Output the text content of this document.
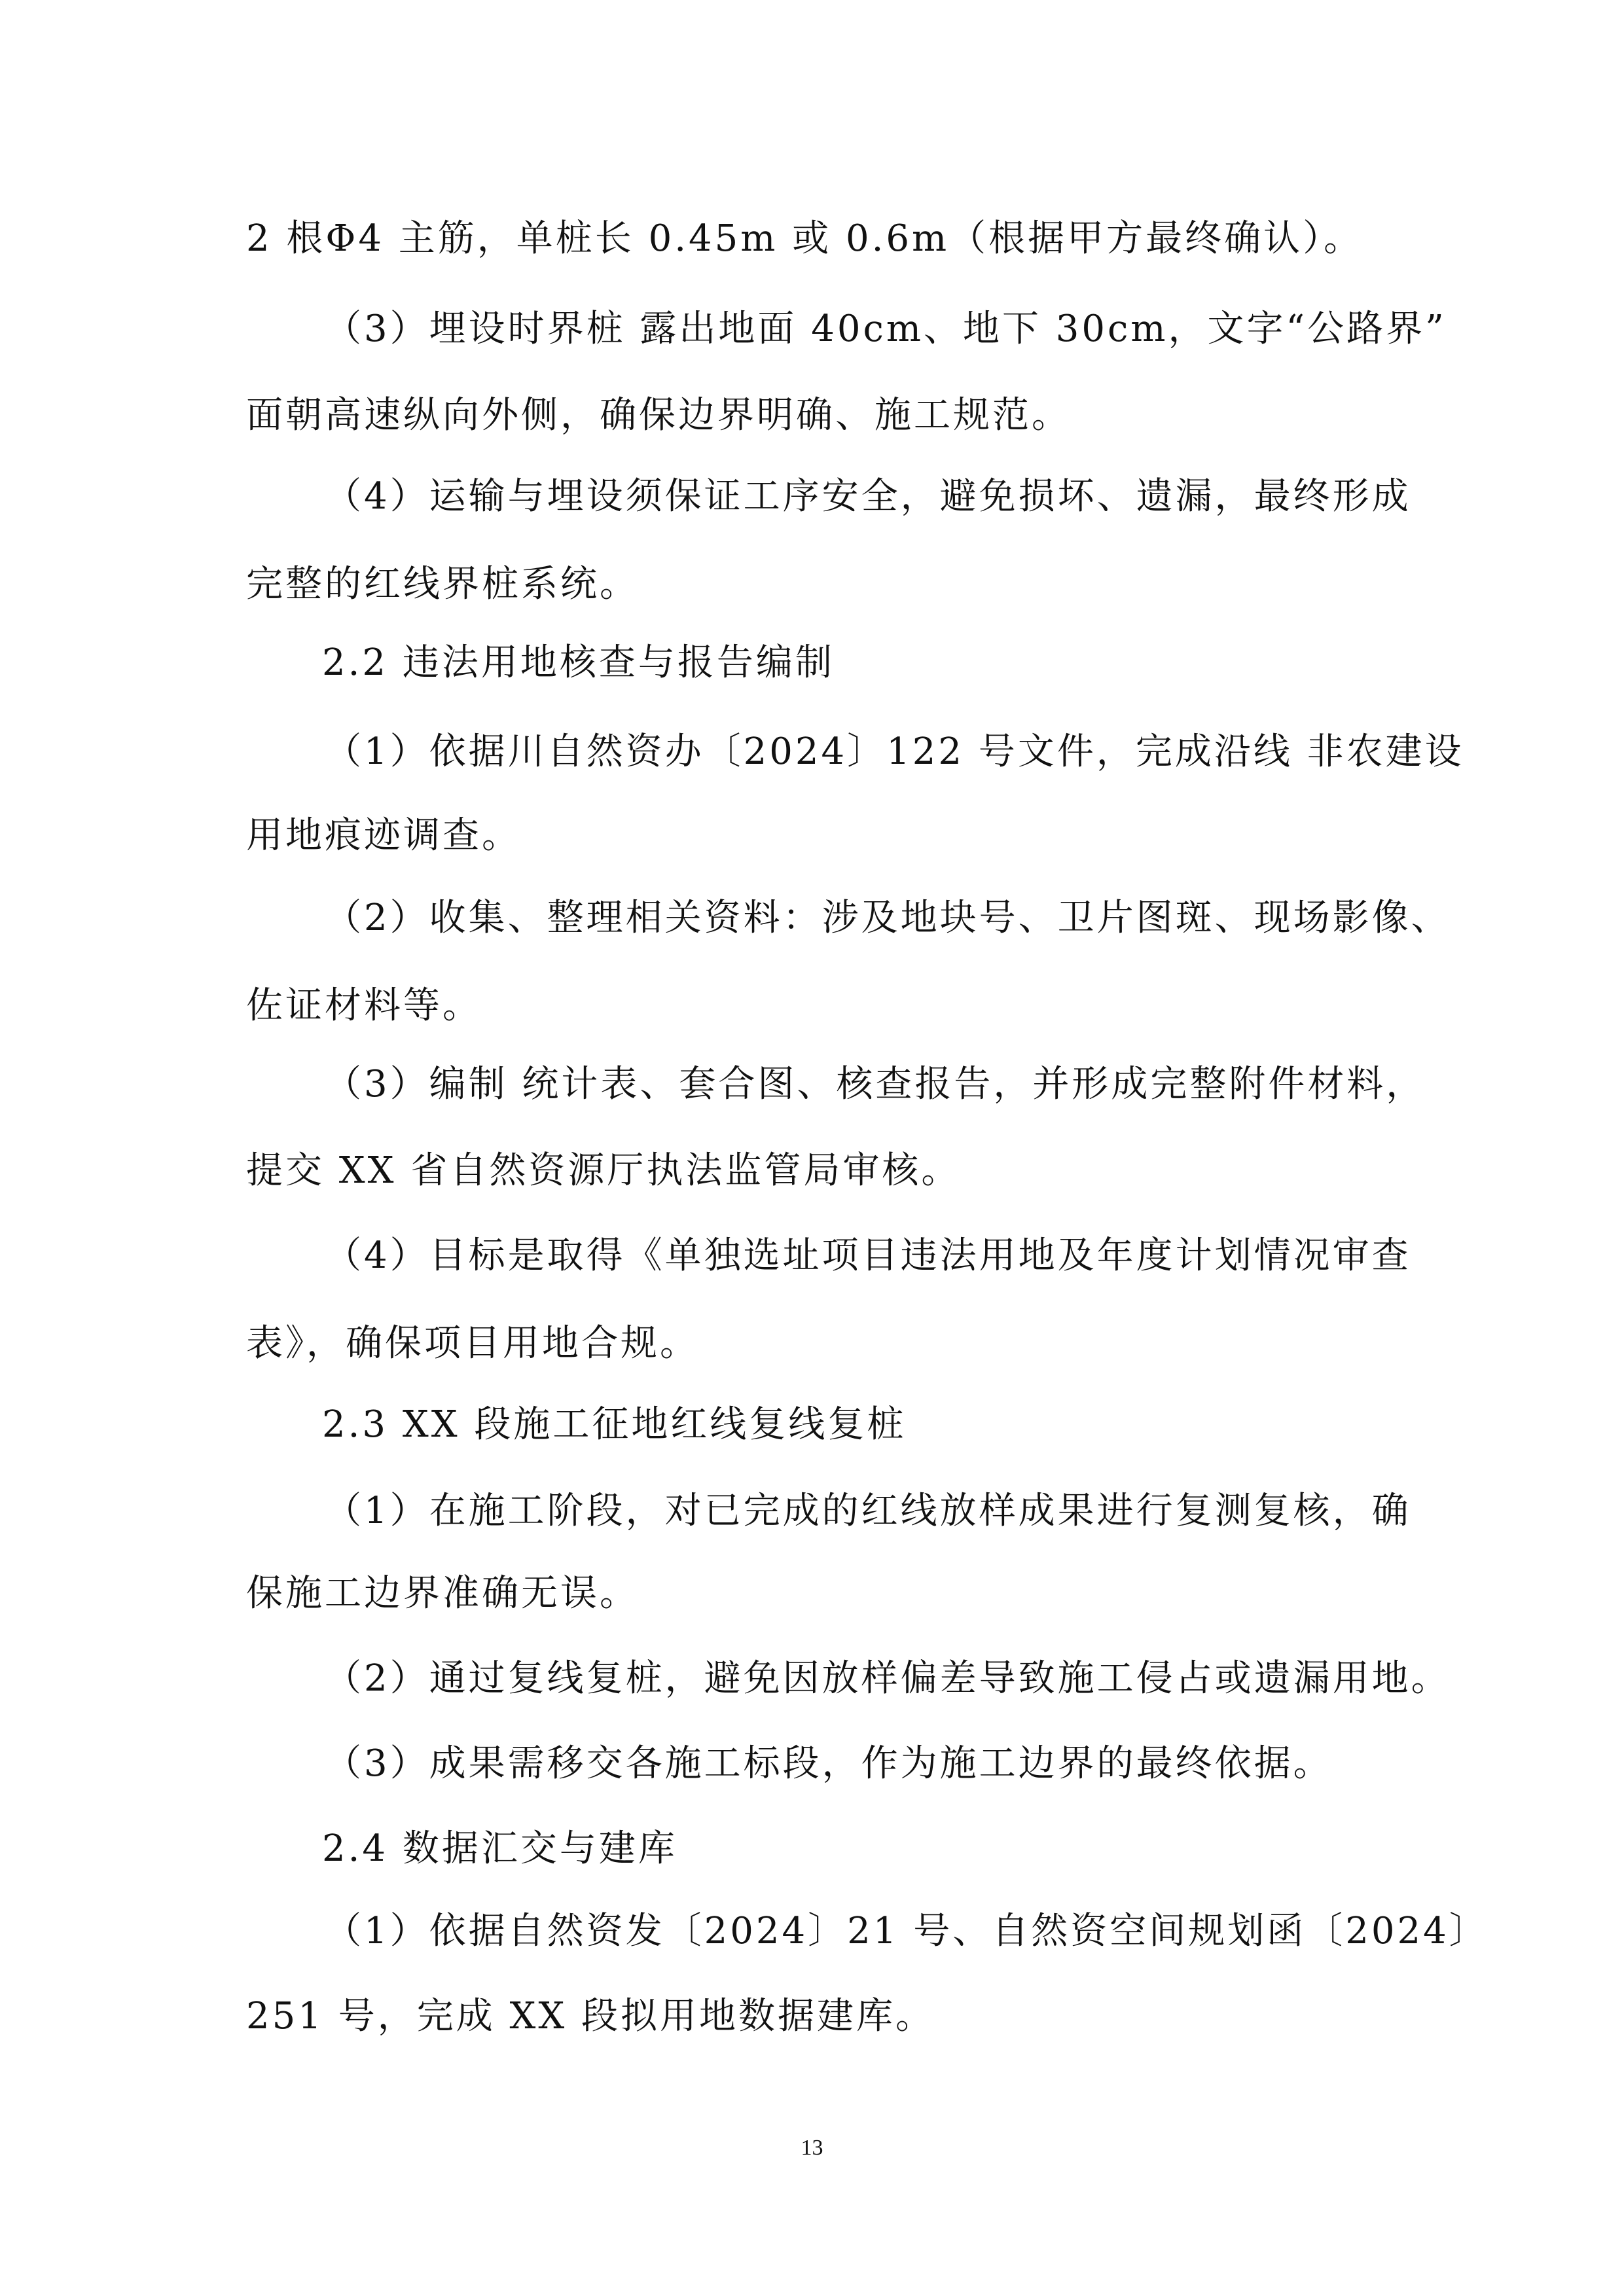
2 根Φ4 主筋，单桩长 0.45m 或 0.6m（根据甲方最终确认）。
（3）埋设时界桩 露出地面 40cm、地下 30cm，文字“公路界”
面朝高速纵向外侧，确保边界明确、施工规范。
（4）运输与埋设须保证工序安全，避免损坏、遗漏，最终形成
完整的红线界桩系统。
2.2 违法用地核查与报告编制
（1）依据川自然资办〔2024〕122 号文件，完成沿线 非农建设
用地痕迹调查。
（2）收集、整理相关资料：涉及地块号、卫片图斑、现场影像、
佐证材料等。
（3）编制 统计表、套合图、核查报告，并形成完整附件材料，
提交 XX 省自然资源厅执法监管局审核。
（4）目标是取得《单独选址项目违法用地及年度计划情况审查
表》，确保项目用地合规。
2.3 XX 段施工征地红线复线复桩
（1）在施工阶段，对已完成的红线放样成果进行复测复核，确
保施工边界准确无误。
（2）通过复线复桩，避免因放样偏差导致施工侵占或遗漏用地。
（3）成果需移交各施工标段，作为施工边界的最终依据。
2.4 数据汇交与建库
（1）依据自然资发〔2024〕21 号、自然资空间规划函〔2024〕
251 号，完成 XX 段拟用地数据建库。
13
